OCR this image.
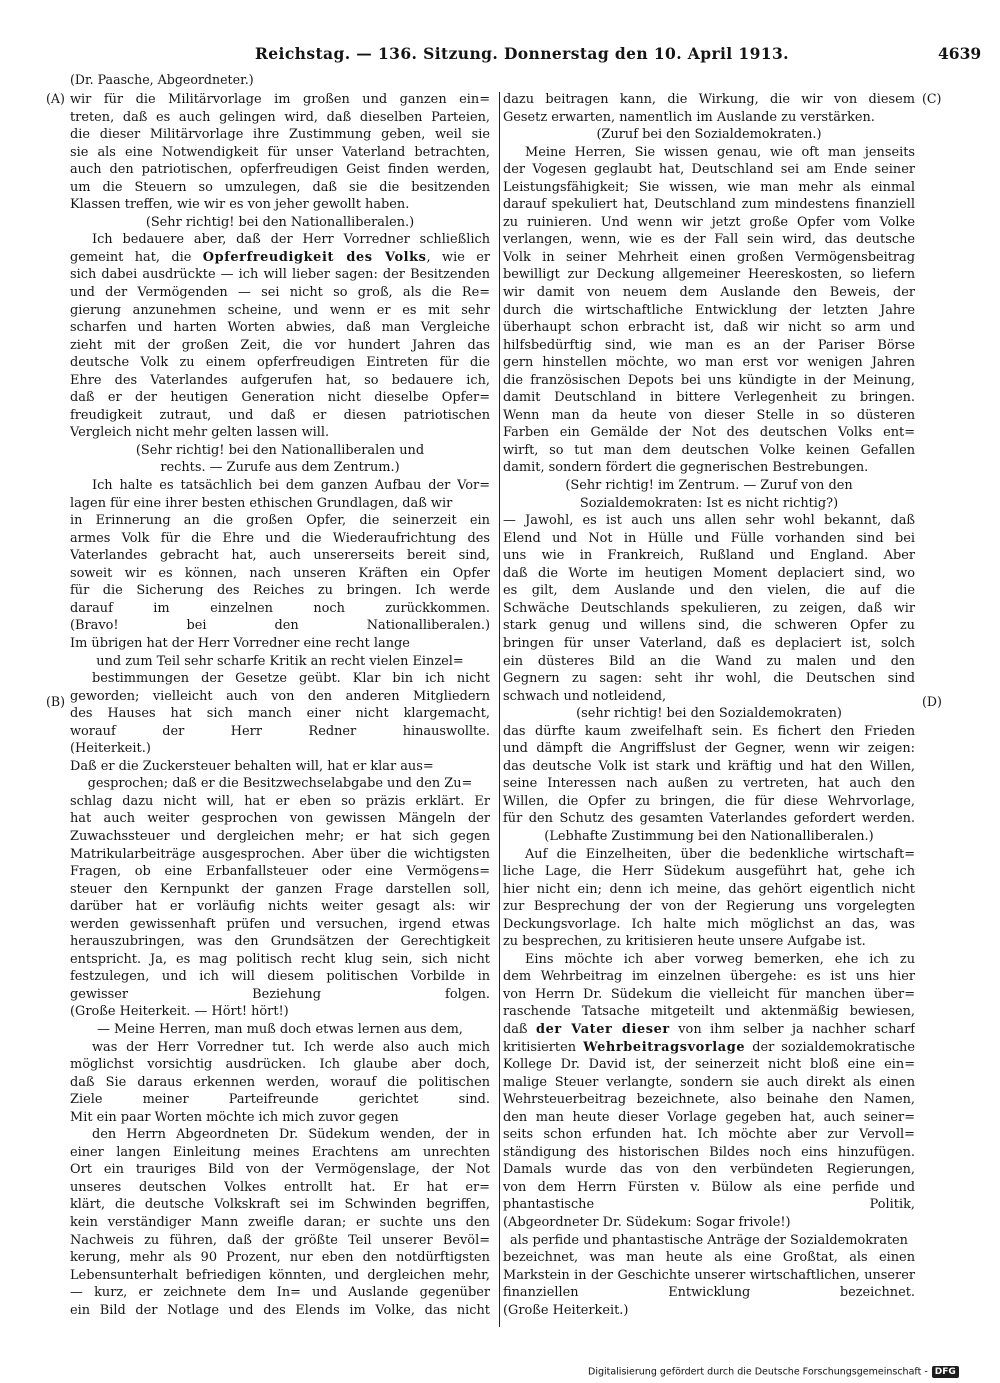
Reichstag. — 136. Sitzung. Donnerstag den 10. April 1913.	4639
(Dr. Paasche, Abgeordneter.)
(A)
(B)
(C)
(D)
wir für die Militärvorlage im großen und ganzen ein=
treten, daß es auch gelingen wird, daß dieselben Parteien,
die dieser Militärvorlage ihre Zustimmung geben, weil sie
sie als eine Notwendigkeit für unser Vaterland betrachten,
auch den patriotischen, opferfreudigen Geist finden werden,
um die Steuern so umzulegen, daß sie die besitzenden
Klassen treffen, wie wir es von jeher gewollt haben.
(Sehr richtig! bei den Nationalliberalen.)
Ich bedauere aber, daß der Herr Vorredner schließlich
gemeint hat, die Opferfreudigkeit des Volks, wie er
sich dabei ausdrückte — ich will lieber sagen: der Besitzenden
und der Vermögenden — sei nicht so groß, als die Re=
gierung anzunehmen scheine, und wenn er es mit sehr
scharfen und harten Worten abwies, daß man Vergleiche
zieht mit der großen Zeit, die vor hundert Jahren das
deutsche Volk zu einem opferfreudigen Eintreten für die
Ehre des Vaterlandes aufgerufen hat, so bedauere ich,
daß er der heutigen Generation nicht dieselbe Opfer=
freudigkeit zutraut, und daß er diesen patriotischen
Vergleich nicht mehr gelten lassen will.
(Sehr richtig! bei den Nationalliberalen und
rechts. — Zurufe aus dem Zentrum.)
Ich halte es tatsächlich bei dem ganzen Aufbau der Vor=
lagen für eine ihrer besten ethischen Grundlagen, daß wir
in Erinnerung an die großen Opfer, die seinerzeit ein
armes Volk für die Ehre und die Wiederaufrichtung des
Vaterlandes gebracht hat, auch unsererseits bereit sind,
soweit wir es können, nach unseren Kräften ein Opfer
für die Sicherung des Reiches zu bringen. Ich werde
darauf im einzelnen noch zurückkommen.
(Bravo! bei den Nationalliberalen.)
Im übrigen hat der Herr Vorredner eine recht lange
und zum Teil sehr scharfe Kritik an recht vielen Einzel=
bestimmungen der Gesetze geübt. Klar bin ich nicht
geworden; vielleicht auch von den anderen Mitgliedern
des Hauses hat sich manch einer nicht klargemacht,
worauf der Herr Redner hinauswollte.
(Heiterkeit.)
Daß er die Zuckersteuer behalten will, hat er klar aus=
gesprochen; daß er die Besitzwechselabgabe und den Zu=
schlag dazu nicht will, hat er eben so präzis erklärt. Er
hat auch weiter gesprochen von gewissen Mängeln der
Zuwachssteuer und dergleichen mehr; er hat sich gegen
Matrikularbeiträge ausgesprochen. Aber über die wichtigsten
Fragen, ob eine Erbanfallsteuer oder eine Vermögens=
steuer den Kernpunkt der ganzen Frage darstellen soll,
darüber hat er vorläufig nichts weiter gesagt als: wir
werden gewissenhaft prüfen und versuchen, irgend etwas
herauszubringen, was den Grundsätzen der Gerechtigkeit
entspricht. Ja, es mag politisch recht klug sein, sich nicht
festzulegen, und ich will diesem politischen Vorbilde in
gewisser Beziehung folgen.
(Große Heiterkeit. — Hört! hört!)
— Meine Herren, man muß doch etwas lernen aus dem,
was der Herr Vorredner tut. Ich werde also auch mich
möglichst vorsichtig ausdrücken. Ich glaube aber doch,
daß Sie daraus erkennen werden, worauf die politischen
Ziele meiner Parteifreunde gerichtet sind.
Mit ein paar Worten möchte ich mich zuvor gegen
den Herrn Abgeordneten Dr. Südekum wenden, der in
einer langen Einleitung meines Erachtens am unrechten
Ort ein trauriges Bild von der Vermögenslage, der Not
unseres deutschen Volkes entrollt hat. Er hat er=
klärt, die deutsche Volkskraft sei im Schwinden begriffen,
kein verständiger Mann zweifle daran; er suchte uns den
Nachweis zu führen, daß der größte Teil unserer Bevöl=
kerung, mehr als 90 Prozent, nur eben den notdürftigsten
Lebensunterhalt befriedigen könnten, und dergleichen mehr,
— kurz, er zeichnete dem In= und Auslande gegenüber
ein Bild der Notlage und des Elends im Volke, das nicht
dazu beitragen kann, die Wirkung, die wir von diesem
Gesetz erwarten, namentlich im Auslande zu verstärken.
(Zuruf bei den Sozialdemokraten.)
Meine Herren, Sie wissen genau, wie oft man jenseits
der Vogesen geglaubt hat, Deutschland sei am Ende seiner
Leistungsfähigkeit; Sie wissen, wie man mehr als einmal
darauf spekuliert hat, Deutschland zum mindestens finanziell
zu ruinieren. Und wenn wir jetzt große Opfer vom Volke
verlangen, wenn, wie es der Fall sein wird, das deutsche
Volk in seiner Mehrheit einen großen Vermögensbeitrag
bewilligt zur Deckung allgemeiner Heereskosten, so liefern
wir damit von neuem dem Auslande den Beweis, der
durch die wirtschaftliche Entwicklung der letzten Jahre
überhaupt schon erbracht ist, daß wir nicht so arm und
hilfsbedürftig sind, wie man es an der Pariser Börse
gern hinstellen möchte, wo man erst vor wenigen Jahren
die französischen Depots bei uns kündigte in der Meinung,
damit Deutschland in bittere Verlegenheit zu bringen.
Wenn man da heute von dieser Stelle in so düsteren
Farben ein Gemälde der Not des deutschen Volks ent=
wirft, so tut man dem deutschen Volke keinen Gefallen
damit, sondern fördert die gegnerischen Bestrebungen.
(Sehr richtig! im Zentrum. — Zuruf von den
Sozialdemokraten: Ist es nicht richtig?)
— Jawohl, es ist auch uns allen sehr wohl bekannt, daß
Elend und Not in Hülle und Fülle vorhanden sind bei
uns wie in Frankreich, Rußland und England. Aber
daß die Worte im heutigen Moment deplaciert sind, wo
es gilt, dem Auslande und den vielen, die auf die
Schwäche Deutschlands spekulieren, zu zeigen, daß wir
stark genug und willens sind, die schweren Opfer zu
bringen für unser Vaterland, daß es deplaciert ist, solch
ein düsteres Bild an die Wand zu malen und den
Gegnern zu sagen: seht ihr wohl, die Deutschen sind
schwach und notleidend,
(sehr richtig! bei den Sozialdemokraten)
das dürfte kaum zweifelhaft sein. Es fichert den Frieden
und dämpft die Angriffslust der Gegner, wenn wir zeigen:
das deutsche Volk ist stark und kräftig und hat den Willen,
seine Interessen nach außen zu vertreten, hat auch den
Willen, die Opfer zu bringen, die für diese Wehrvorlage,
für den Schutz des gesamten Vaterlandes gefordert werden.
(Lebhafte Zustimmung bei den Nationalliberalen.)
Auf die Einzelheiten, über die bedenkliche wirtschaft=
liche Lage, die Herr Südekum ausgeführt hat, gehe ich
hier nicht ein; denn ich meine, das gehört eigentlich nicht
zur Besprechung der von der Regierung uns vorgelegten
Deckungsvorlage. Ich halte mich möglichst an das, was
zu besprechen, zu kritisieren heute unsere Aufgabe ist.
Eins möchte ich aber vorweg bemerken, ehe ich zu
dem Wehrbeitrag im einzelnen übergehe: es ist uns hier
von Herrn Dr. Südekum die vielleicht für manchen über=
raschende Tatsache mitgeteilt und aktenmäßig bewiesen,
daß der Vater dieser von ihm selber ja nachher scharf
kritisierten Wehrbeitragsvorlage der sozialdemokratische
Kollege Dr. David ist, der seinerzeit nicht bloß eine ein=
malige Steuer verlangte, sondern sie auch direkt als einen
Wehrsteuerbeitrag bezeichnete, also beinahe den Namen,
den man heute dieser Vorlage gegeben hat, auch seiner=
seits schon erfunden hat. Ich möchte aber zur Vervoll=
ständigung des historischen Bildes noch eins hinzufügen.
Damals wurde das von den verbündeten Regierungen,
von dem Herrn Fürsten v. Bülow als eine perfide und
phantastische Politik,
(Abgeordneter Dr. Südekum: Sogar frivole!)
als perfide und phantastische Anträge der Sozialdemokraten
bezeichnet, was man heute als eine Großtat, als einen
Markstein in der Geschichte unserer wirtschaftlichen, unserer
finanziellen Entwicklung bezeichnet.
(Große Heiterkeit.)
Digitalisierung gefördert durch die Deutsche Forschungsgemeinschaft - DFG
